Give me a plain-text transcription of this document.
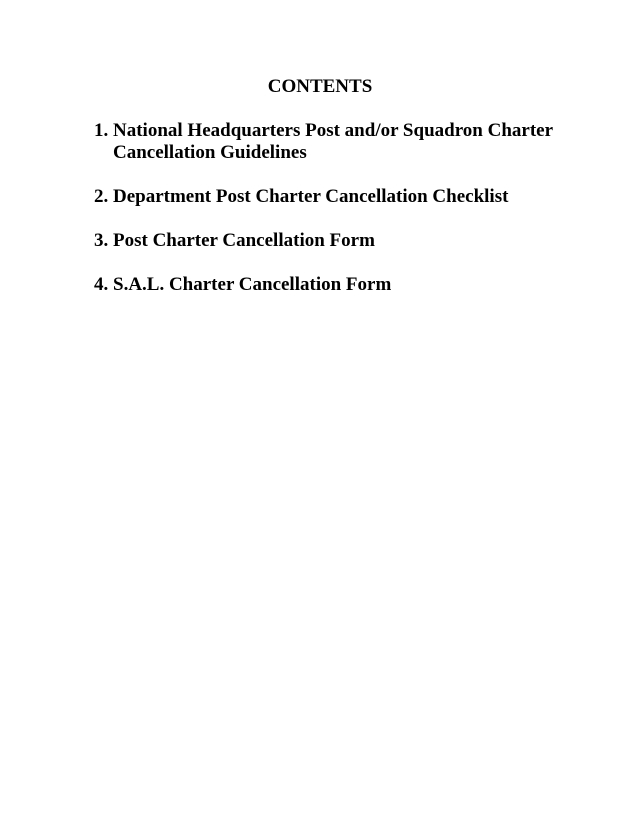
CONTENTS
1. National Headquarters Post and/or Squadron Charter Cancellation Guidelines
2. Department Post Charter Cancellation Checklist
3. Post Charter Cancellation Form
4. S.A.L. Charter Cancellation Form
